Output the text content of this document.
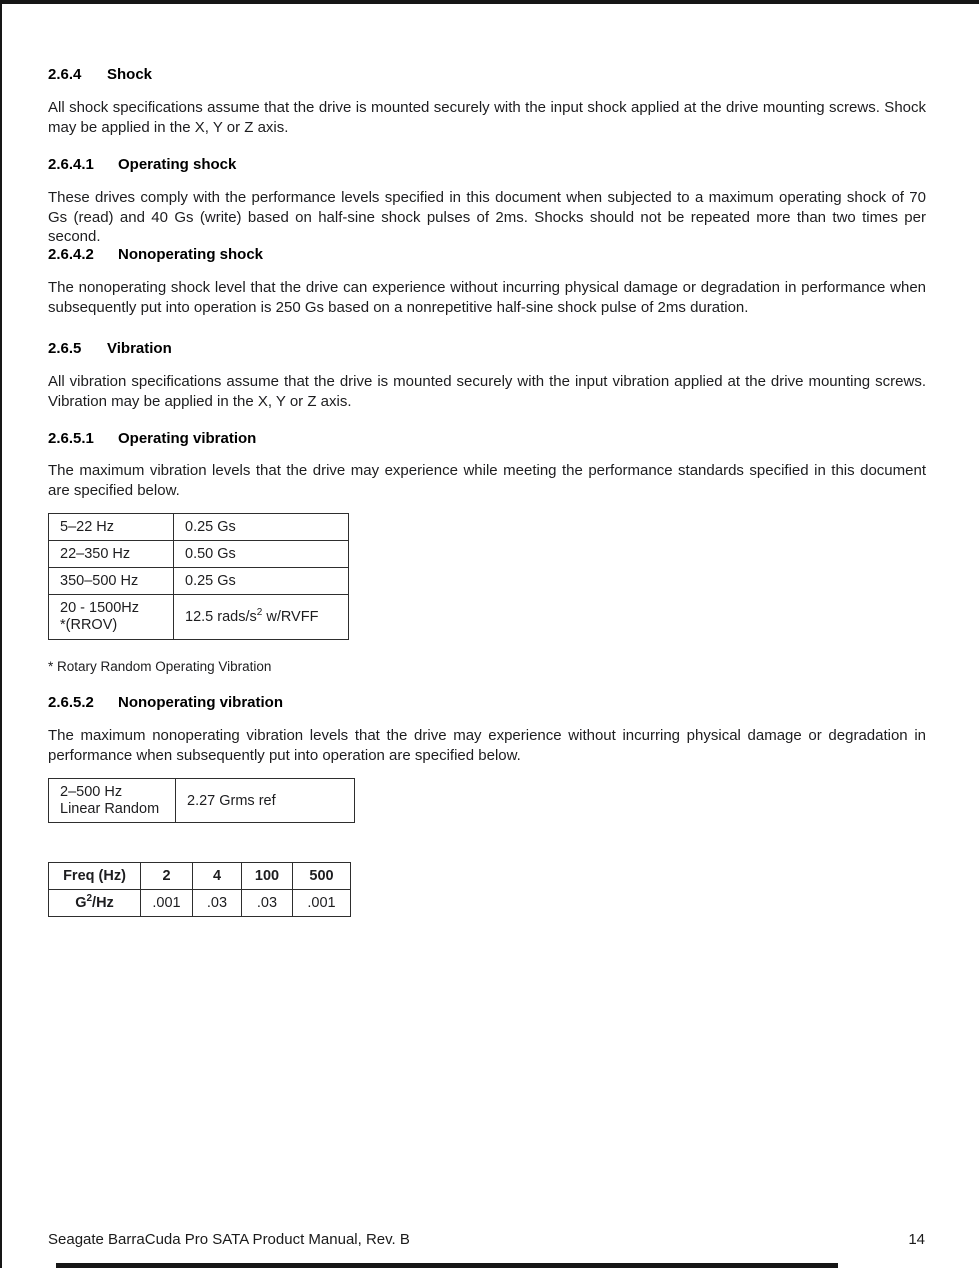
2.6.4 Shock

All shock specifications assume that the drive is mounted securely with the input shock applied at the drive mounting screws. Shock may be applied in the X, Y or Z axis.

2.6.4.1 Operating shock

These drives comply with the performance levels specified in this document when subjected to a maximum operating shock of 70 Gs (read) and 40 Gs (write) based on half-sine shock pulses of 2ms. Shocks should not be repeated more than two times per second.

2.6.4.2 Nonoperating shock

The nonoperating shock level that the drive can experience without incurring physical damage or degradation in performance when subsequently put into operation is 250 Gs based on a nonrepetitive half-sine shock pulse of 2ms duration.

2.6.5 Vibration

All vibration specifications assume that the drive is mounted securely with the input vibration applied at the drive mounting screws. Vibration may be applied in the X, Y or Z axis.

2.6.5.1 Operating vibration

The maximum vibration levels that the drive may experience while meeting the performance standards specified in this document are specified below.

5–22 Hz	0.25 Gs
22–350 Hz	0.50 Gs
350–500 Hz	0.25 Gs

20 - 1500Hz
*(RROV)	12.5 rads/$s^2$ w/RVFF
* Rotary Random Operating Vibration
2.6.5.2 Nonoperating vibration

The maximum nonoperating vibration levels that the drive may experience without incurring physical damage or degradation in performance when subsequently put into operation are specified below.

2–500 Hz
Linear Random	2.27 Grms ref
Freq (Hz)	2	4	100	500
$G^2/Hz$	.001	.03	.03	.001
Seagate BarraCuda Pro SATA Product Manual, Rev. B	14
